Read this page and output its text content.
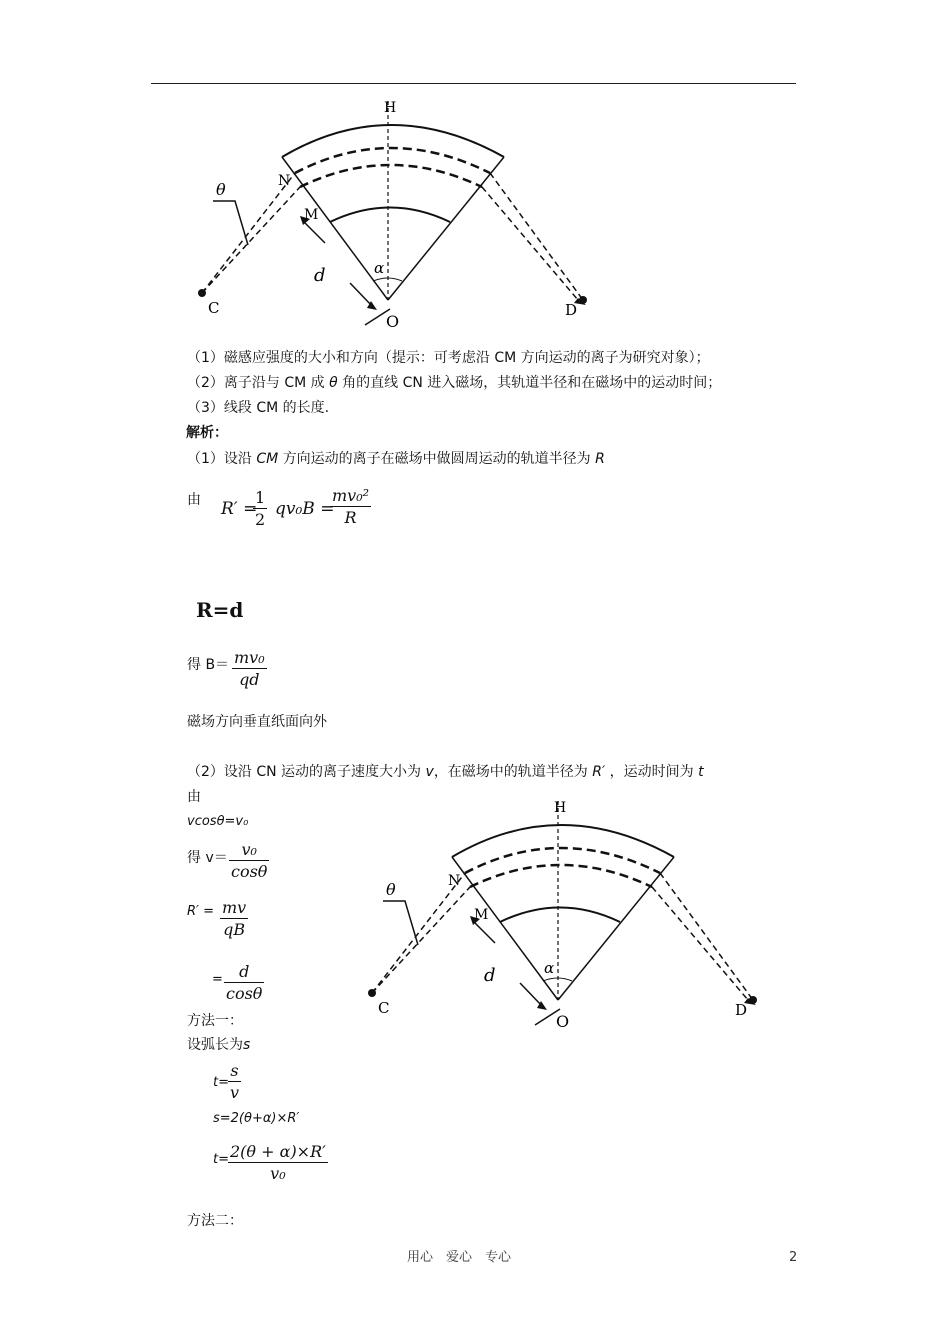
H
θ	N
M
d	α
C	D
O
（1）磁感应强度的大小和方向（提示：可考虑沿 CM 方向运动的离子为研究对象）；
（2）离子沿与 CM 成 θ 角的直线 CN 进入磁场，其轨道半径和在磁场中的运动时间；
（3）线段 CM 的长度.
解析：
（1）设沿 CM 方向运动的离子在磁场中做圆周运动的轨道半径为 R
由 R′ =
$\frac{1}{2} qv_0B$ =
$\frac{\text{mv₀²}}{R}$
R=d
得 $B= \frac{\text{mv₀}}{qd}$
磁场方向垂直纸面向外
（2）设沿 CN 运动的离子速度大小为 v，在磁场中的轨道半径为 R′ ，运动时间为 t
由
vcosθ=v₀
得 $v= \frac{\text{v₀}}{\cos\theta}$
$R' = \frac{mv}{qB}$
= $\frac{d}{\cos\theta}$
方法一：
设弧长为s
$t= \frac{s}{v}$
s=2(θ+α)×R′
$t= \frac{2(\theta + \alpha)\times R'}{\text{v₀}}$
方法二：
H
θ	N
M
d	α
C	D
O
用心　爱心　专心	2
